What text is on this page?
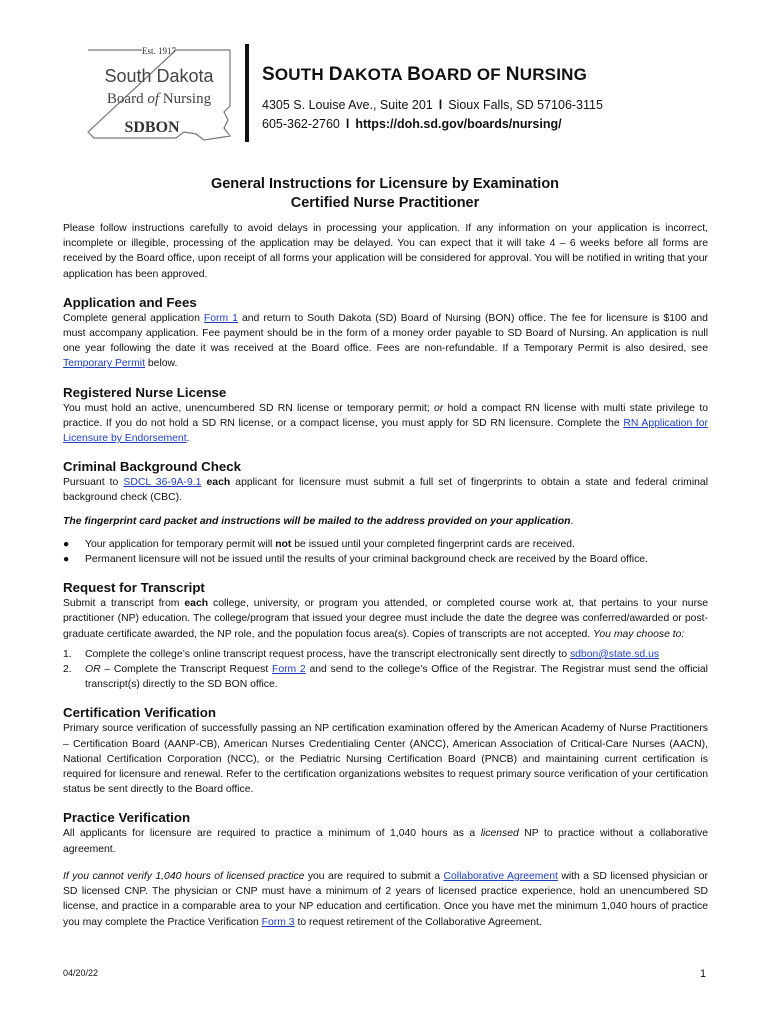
Est. 1917
South Dakota
Board of Nursing
SDBON
SOUTH DAKOTA BOARD OF NURSING
4305 S. Louise Ave., Suite 201 l Sioux Falls, SD 57106-3115
605-362-2760 l https://doh.sd.gov/boards/nursing/
General Instructions for Licensure by Examination
Certified Nurse Practitioner

Please follow instructions carefully to avoid delays in processing your application. If any information on your application is incorrect, incomplete or illegible, processing of the application may be delayed. You can expect that it will take 4 – 6 weeks before all forms are received by the Board office, upon receipt of all forms your application will be considered for approval. You will be notified in writing that your application has been approved.

Application and Fees

Complete general application Form 1 and return to South Dakota (SD) Board of Nursing (BON) office. The fee for licensure is $100 and must accompany application. Fee payment should be in the form of a money order payable to SD Board of Nursing. An application is null one year following the date it was received at the Board office. Fees are non-refundable. If a Temporary Permit is also desired, see Temporary Permit below.

Registered Nurse License

You must hold an active, unencumbered SD RN license or temporary permit; or hold a compact RN license with multi state privilege to practice. If you do not hold a SD RN license, or a compact license, you must apply for SD RN licensure. Complete the RN Application for Licensure by Endorsement.

Criminal Background Check

Pursuant to SDCL 36-9A-9.1 each applicant for licensure must submit a full set of fingerprints to obtain a state and federal criminal background check (CBC).

The fingerprint card packet and instructions will be mailed to the address provided on your application.

● Your application for temporary permit will not be issued until your completed fingerprint cards are received.
● Permanent licensure will not be issued until the results of your criminal background check are received by the Board office.
Request for Transcript

Submit a transcript from each college, university, or program you attended, or completed course work at, that pertains to your nurse practitioner (NP) education. The college/program that issued your degree must include the date the degree was conferred/awarded or post-graduate certificate awarded, the NP role, and the population focus area(s). Copies of transcripts are not accepted. You may choose to:

1. Complete the college’s online transcript request process, have the transcript electronically sent directly to sdbon@state.sd.us
2. OR – Complete the Transcript Request Form 2 and send to the college’s Office of the Registrar. The Registrar must send the official transcript(s) directly to the SD BON office.
Certification Verification

Primary source verification of successfully passing an NP certification examination offered by the American Academy of Nurse Practitioners – Certification Board (AANP-CB), American Nurses Credentialing Center (ANCC), American Association of Critical-Care Nurses (AACN), National Certification Corporation (NCC), or the Pediatric Nursing Certification Board (PNCB) and maintaining current certification is required for licensure and renewal. Refer to the certification organizations websites to request primary source verification of your certification status be sent directly to the Board office.

Practice Verification

All applicants for licensure are required to practice a minimum of 1,040 hours as a licensed NP to practice without a collaborative agreement.

If you cannot verify 1,040 hours of licensed practice you are required to submit a Collaborative Agreement with a SD licensed physician or SD licensed CNP. The physician or CNP must have a minimum of 2 years of licensed practice experience, hold an unencumbered SD license, and practice in a comparable area to your NP education and certification. Once you have met the minimum 1,040 hours of practice you may complete the Practice Verification Form 3 to request retirement of the Collaborative Agreement.

04/20/22	1
